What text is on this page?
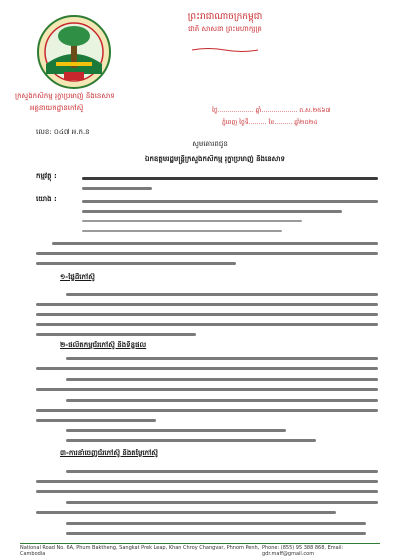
ព្រះរាជាណាចក្រកម្ពុជា
ជាតិ សាសនា ព្រះមហាក្សត្រ
ក្រសួងកសិកម្ម រុក្ខាប្រមាញ់ និងនេសាទ
អគ្គនាយកដ្ឋានកៅស៊ូ	ថ្ងៃ……………… ឆ្នាំ……………… ព.ស.២៥៦៧
ភ្នំពេញ ថ្ងៃទី……… ខែ……… ឆ្នាំ២០២៤
លេខ: ០៤៧ អ.ក.ន
សូមគោរពជូន
ឯកឧត្តមរដ្ឋមន្ត្រីក្រសួងកសិកម្ម រុក្ខាប្រមាញ់ និងនេសាទ
កម្មវត្ថុ :
យោង :
១-ផ្ទៃដីកៅស៊ូ
២-ផលិតកម្មជ័រកៅស៊ូ និងទិន្នផល
៣-ការនាំចេញជ័រកៅស៊ូ និងតម្លៃកៅស៊ូ
National Road No. 6A, Phum Baktheng, Sangkat Prek Leap, Khan Chroy Changvar, Phnom Penh, Cambodia
Phone: (855) 95 388 868, Email: gdr.maff@gmail.com
